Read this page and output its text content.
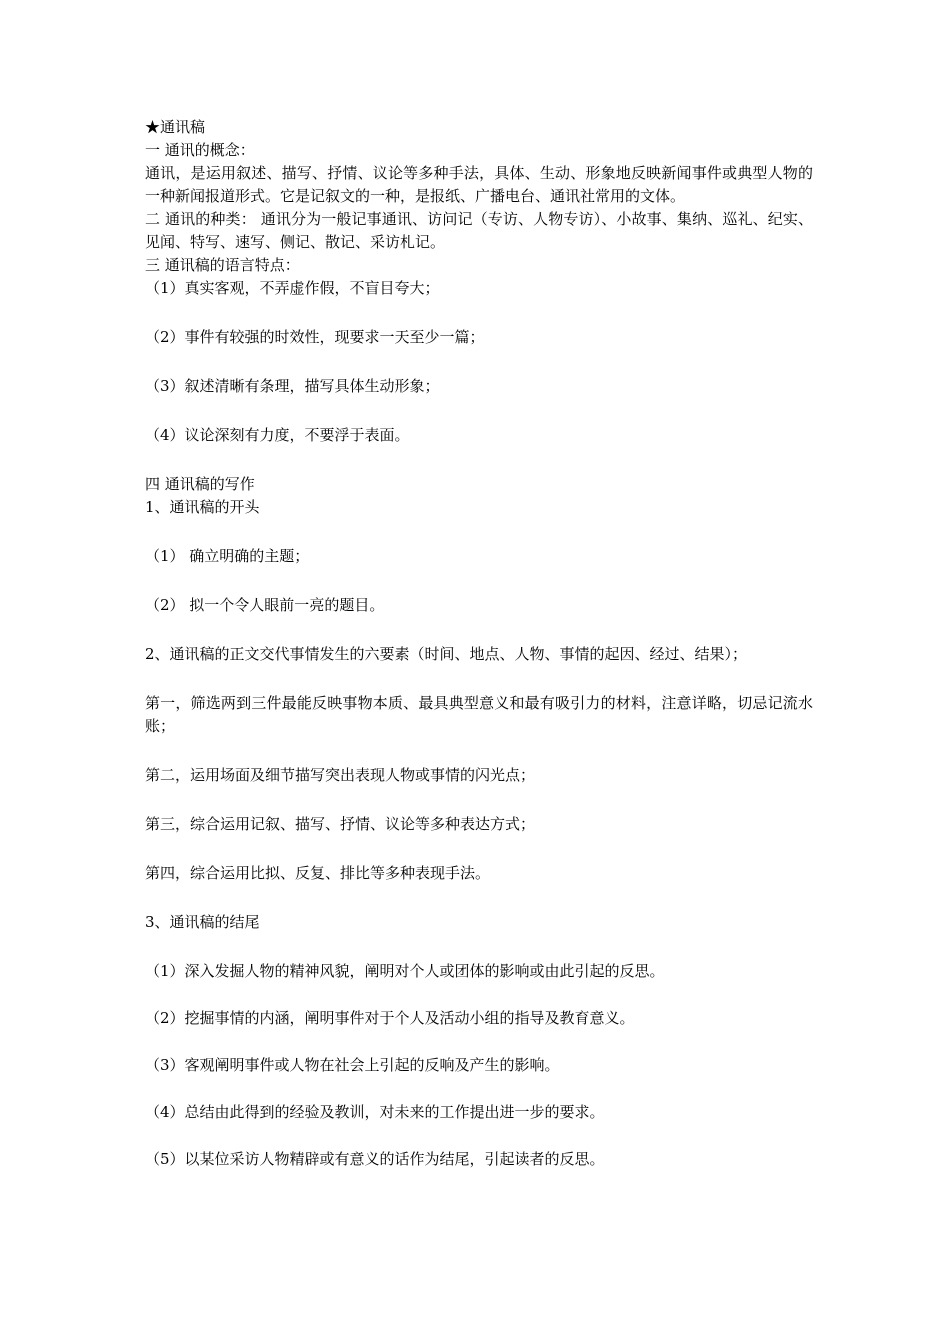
★通讯稿
一 通讯的概念：
通讯，是运用叙述、描写、抒情、议论等多种手法，具体、生动、形象地反映新闻事件或典型人物的一种新闻报道形式。它是记叙文的一种，是报纸、广播电台、通讯社常用的文体。
二 通讯的种类： 通讯分为一般记事通讯、访问记（专访、人物专访）、小故事、集纳、巡礼、纪实、见闻、特写、速写、侧记、散记、采访札记。
三 通讯稿的语言特点：
（1）真实客观，不弄虚作假，不盲目夸大；
（2）事件有较强的时效性，现要求一天至少一篇；
（3）叙述清晰有条理，描写具体生动形象；
（4）议论深刻有力度，不要浮于表面。
四 通讯稿的写作
1、通讯稿的开头
（1） 确立明确的主题；
（2） 拟一个令人眼前一亮的题目。
2、通讯稿的正文交代事情发生的六要素（时间、地点、人物、事情的起因、经过、结果）；
第一，筛选两到三件最能反映事物本质、最具典型意义和最有吸引力的材料，注意详略，切忌记流水账；
第二，运用场面及细节描写突出表现人物或事情的闪光点；
第三，综合运用记叙、描写、抒情、议论等多种表达方式；
第四，综合运用比拟、反复、排比等多种表现手法。
3、通讯稿的结尾
（1）深入发掘人物的精神风貌，阐明对个人或团体的影响或由此引起的反思。
（2）挖掘事情的内涵，阐明事件对于个人及活动小组的指导及教育意义。
（3）客观阐明事件或人物在社会上引起的反响及产生的影响。
（4）总结由此得到的经验及教训，对未来的工作提出进一步的要求。
（5）以某位采访人物精辟或有意义的话作为结尾，引起读者的反思。
